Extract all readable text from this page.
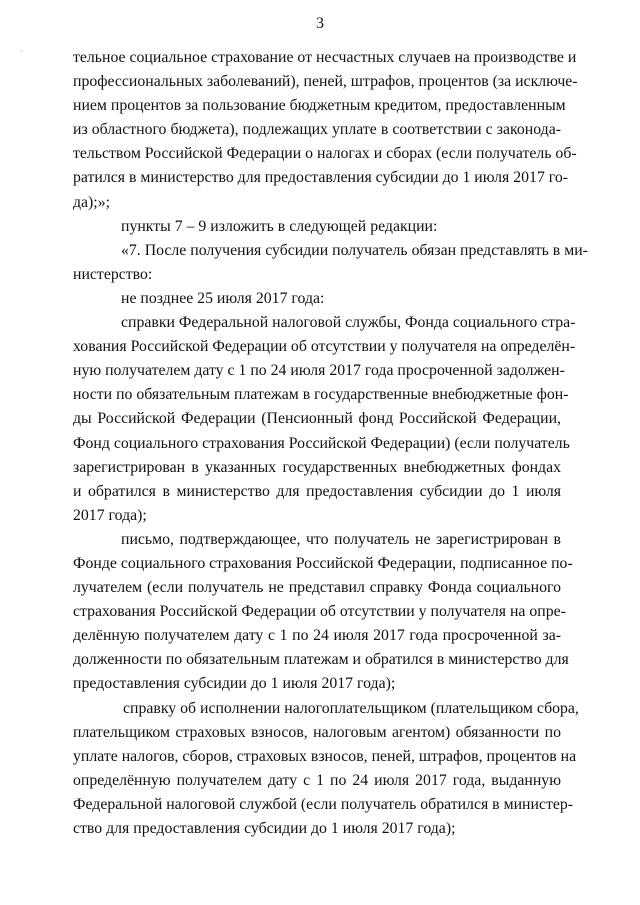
·
3
тельное социальное страхование от несчастных случаев на производстве и
профессиональных заболеваний), пеней, штрафов, процентов (за исключе-
нием процентов за пользование бюджетным кредитом, предоставленным
из областного бюджета), подлежащих уплате в соответствии с законода-
тельством Российской Федерации о налогах и сборах (если получатель об-
ратился в министерство для предоставления субсидии до 1 июля 2017 го-
да);»;
пункты 7 – 9 изложить в следующей редакции:
«7. После получения субсидии получатель обязан представлять в ми-
нистерство:
не позднее 25 июля 2017 года:
справки Федеральной налоговой службы, Фонда социального стра-
хования Российской Федерации об отсутствии у получателя на определён-
ную получателем дату с 1 по 24 июля 2017 года просроченной задолжен-
ности по обязательным платежам в государственные внебюджетные фон-
ды Российской Федерации (Пенсионный фонд Российской Федерации,
Фонд социального страхования Российской Федерации) (если получатель
зарегистрирован в указанных государственных внебюджетных фондах
и обратился в министерство для предоставления субсидии до 1 июля
2017 года);
письмо, подтверждающее, что получатель не зарегистрирован в
Фонде социального страхования Российской Федерации, подписанное по-
лучателем (если получатель не представил справку Фонда социального
страхования Российской Федерации об отсутствии у получателя на опре-
делённую получателем дату с 1 по 24 июля 2017 года просроченной за-
долженности по обязательным платежам и обратился в министерство для
предоставления субсидии до 1 июля 2017 года);
справку об исполнении налогоплательщиком (плательщиком сбора,
плательщиком страховых взносов, налоговым агентом) обязанности по
уплате налогов, сборов, страховых взносов, пеней, штрафов, процентов на
определённую получателем дату с 1 по 24 июля 2017 года, выданную
Федеральной налоговой службой (если получатель обратился в министер-
ство для предоставления субсидии до 1 июля 2017 года);
